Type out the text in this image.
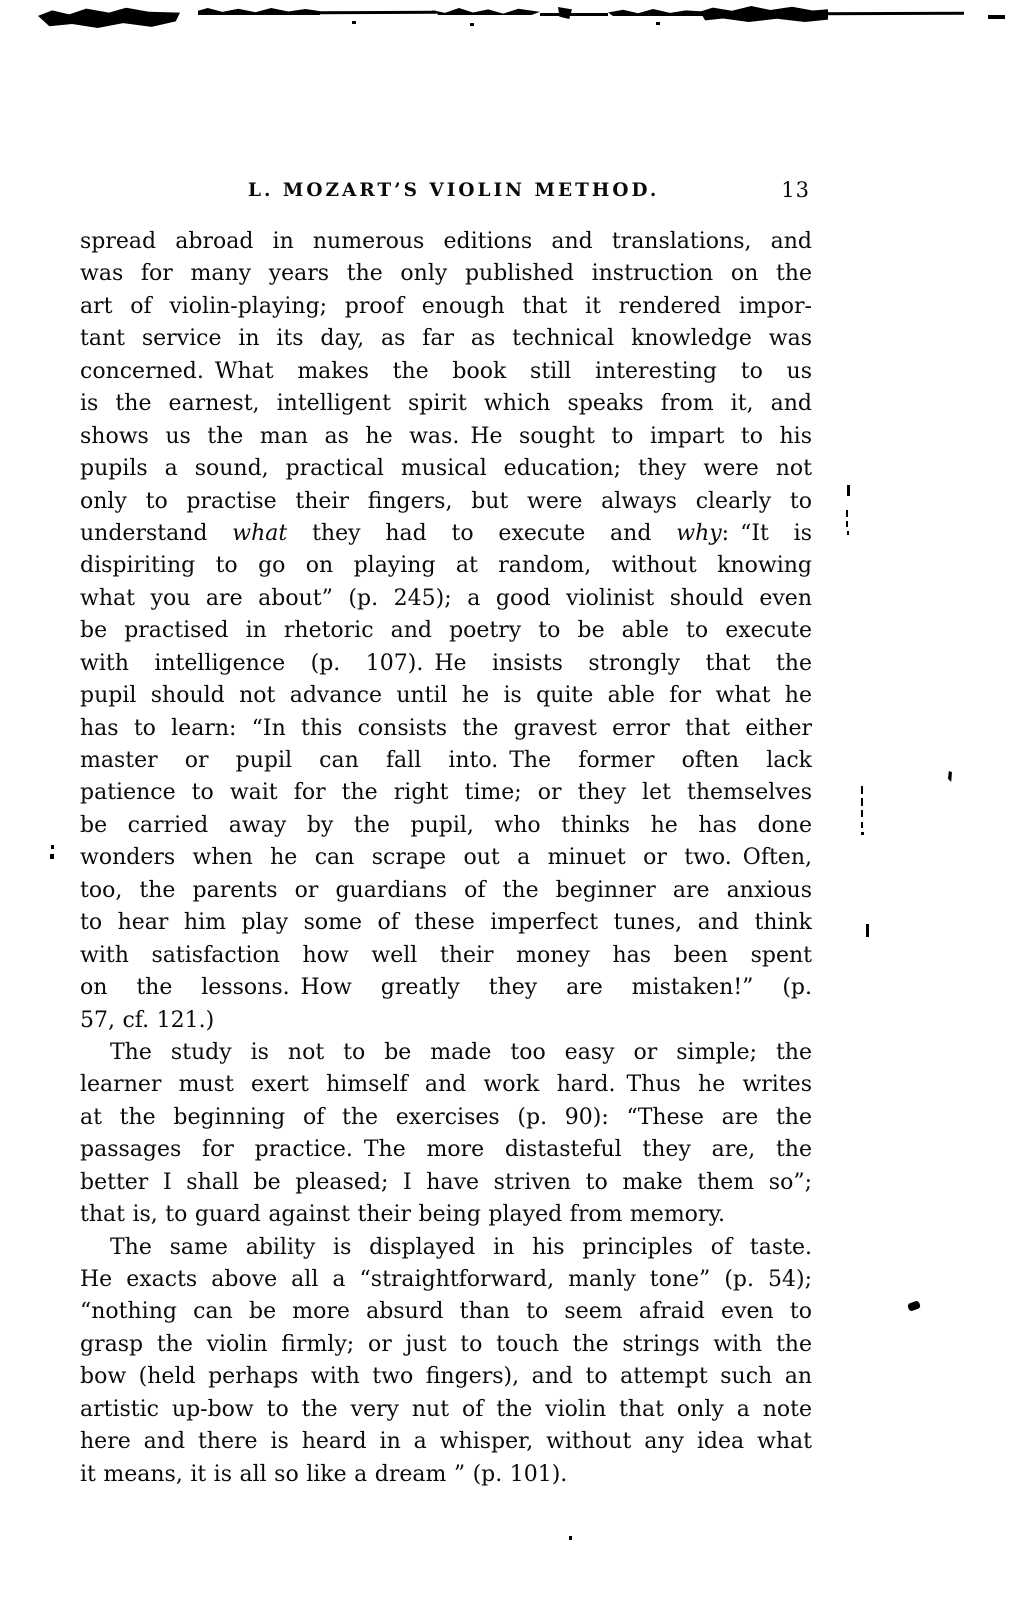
L. MOZART’S VIOLIN METHOD.	13
spread abroad in numerous editions and translations, and
was for many years the only published instruction on the
art of violin-playing; proof enough that it rendered impor-
tant service in its day, as far as technical knowledge was
concerned. What makes the book still interesting to us
is the earnest, intelligent spirit which speaks from it, and
shows us the man as he was. He sought to impart to his
pupils a sound, practical musical education; they were not
only to practise their fingers, but were always clearly to
understand what they had to execute and why: “It is
dispiriting to go on playing at random, without knowing
what you are about” (p. 245); a good violinist should even
be practised in rhetoric and poetry to be able to execute
with intelligence (p. 107). He insists strongly that the
pupil should not advance until he is quite able for what he
has to learn: “In this consists the gravest error that either
master or pupil can fall into. The former often lack
patience to wait for the right time; or they let themselves
be carried away by the pupil, who thinks he has done
wonders when he can scrape out a minuet or two. Often,
too, the parents or guardians of the beginner are anxious
to hear him play some of these imperfect tunes, and think
with satisfaction how well their money has been spent
on the lessons. How greatly they are mistaken!” (p.
57, cf. 121.)
The study is not to be made too easy or simple; the
learner must exert himself and work hard. Thus he writes
at the beginning of the exercises (p. 90): “These are the
passages for practice. The more distasteful they are, the
better I shall be pleased; I have striven to make them so”;
that is, to guard against their being played from memory.
The same ability is displayed in his principles of taste.
He exacts above all a “straightforward, manly tone” (p. 54);
“nothing can be more absurd than to seem afraid even to
grasp the violin firmly; or just to touch the strings with the
bow (held perhaps with two fingers), and to attempt such an
artistic up-bow to the very nut of the violin that only a note
here and there is heard in a whisper, without any idea what
it means, it is all so like a dream ” (p. 101).
